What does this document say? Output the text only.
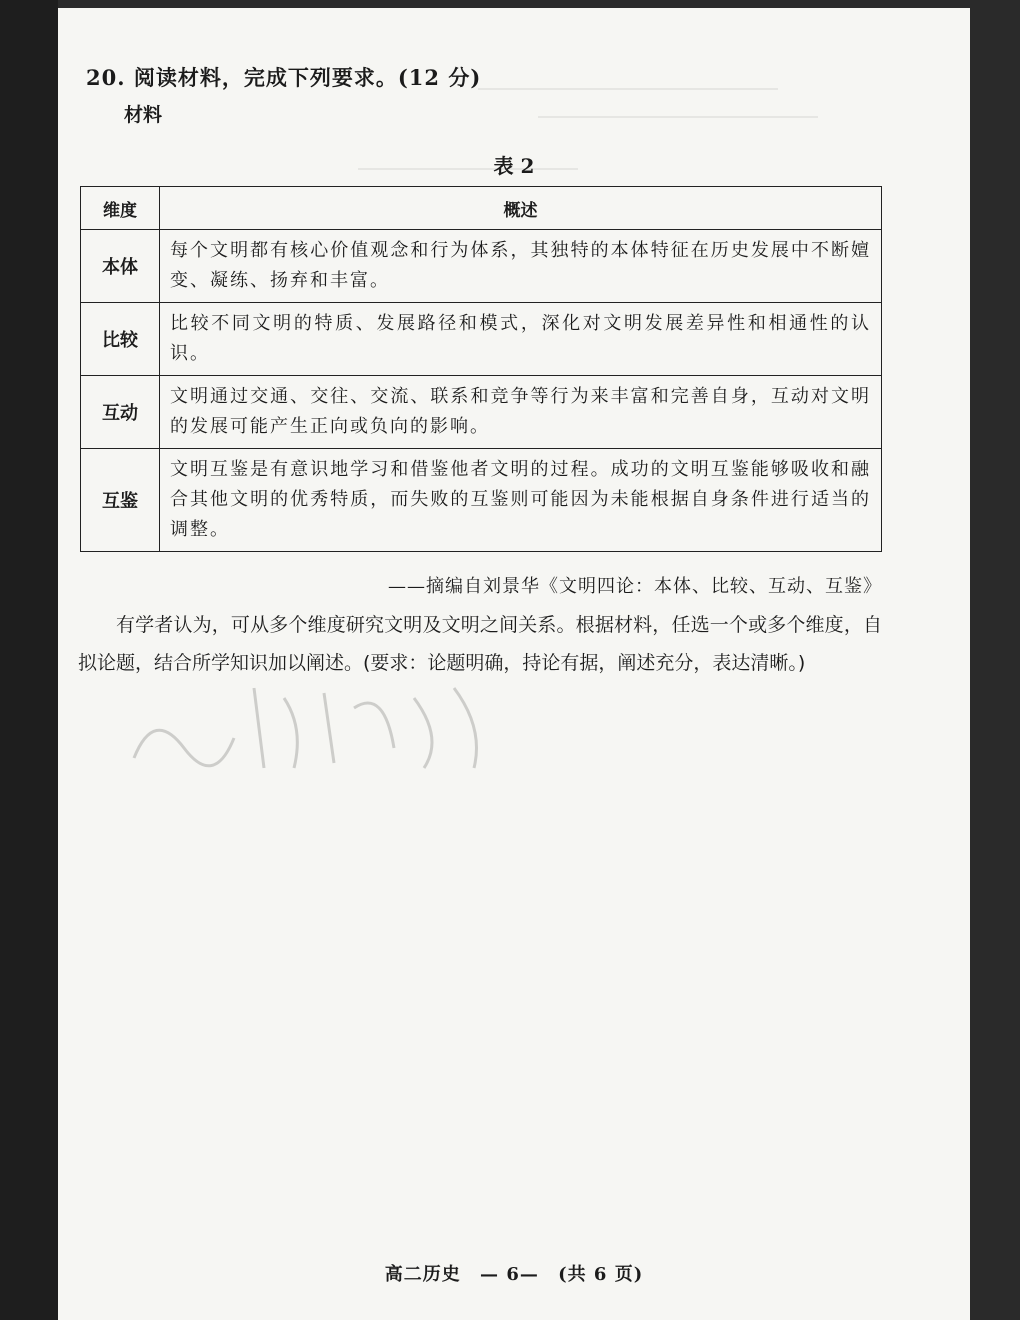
20. 阅读材料，完成下列要求。(12 分)
材料
表 2
维度	概述
本体	每个文明都有核心价值观念和行为体系，其独特的本体特征在历史发展中不断嬗变、凝练、扬弃和丰富。
比较	比较不同文明的特质、发展路径和模式，深化对文明发展差异性和相通性的认识。
互动	文明通过交通、交往、交流、联系和竞争等行为来丰富和完善自身，互动对文明的发展可能产生正向或负向的影响。
互鉴	文明互鉴是有意识地学习和借鉴他者文明的过程。成功的文明互鉴能够吸收和融合其他文明的优秀特质，而失败的互鉴则可能因为未能根据自身条件进行适当的调整。
——摘编自刘景华《文明四论：本体、比较、互动、互鉴》
有学者认为，可从多个维度研究文明及文明之间关系。根据材料，任选一个或多个维度，自拟论题，结合所学知识加以阐述。(要求：论题明确，持论有据，阐述充分，表达清晰。)
高二历史 — 6— (共 6 页)
